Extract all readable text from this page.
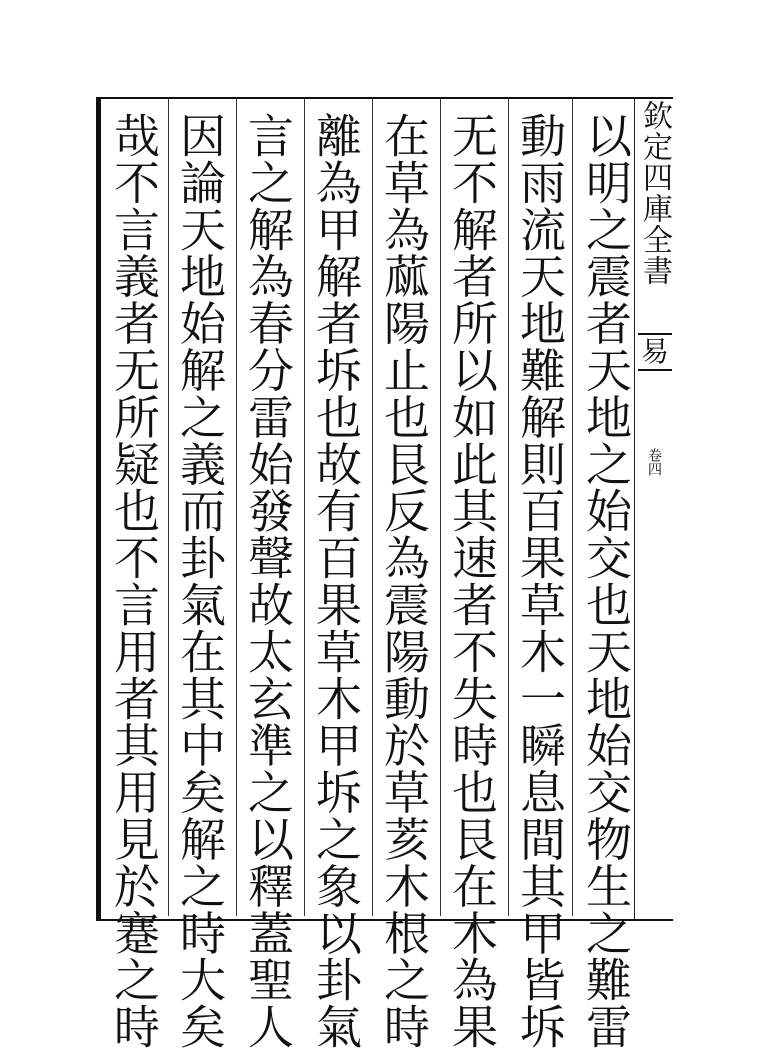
欽定四庫全書
易
卷四
以明之震者天地之始交也天地始交物生之難雷
動雨流天地難解則百果草木一瞬息間其甲皆坼
无不解者所以如此其速者不失時也艮在木為果
在草為蓏陽止也艮反為震陽動於草荄木根之時
離為甲解者坼也故有百果草木甲坼之象以卦氣
言之解為春分雷始發聲故太玄準之以釋蓋聖人
因論天地始解之義而卦氣在其中矣解之時大矣
哉不言義者无所疑也不言用者其用見於蹇之時
